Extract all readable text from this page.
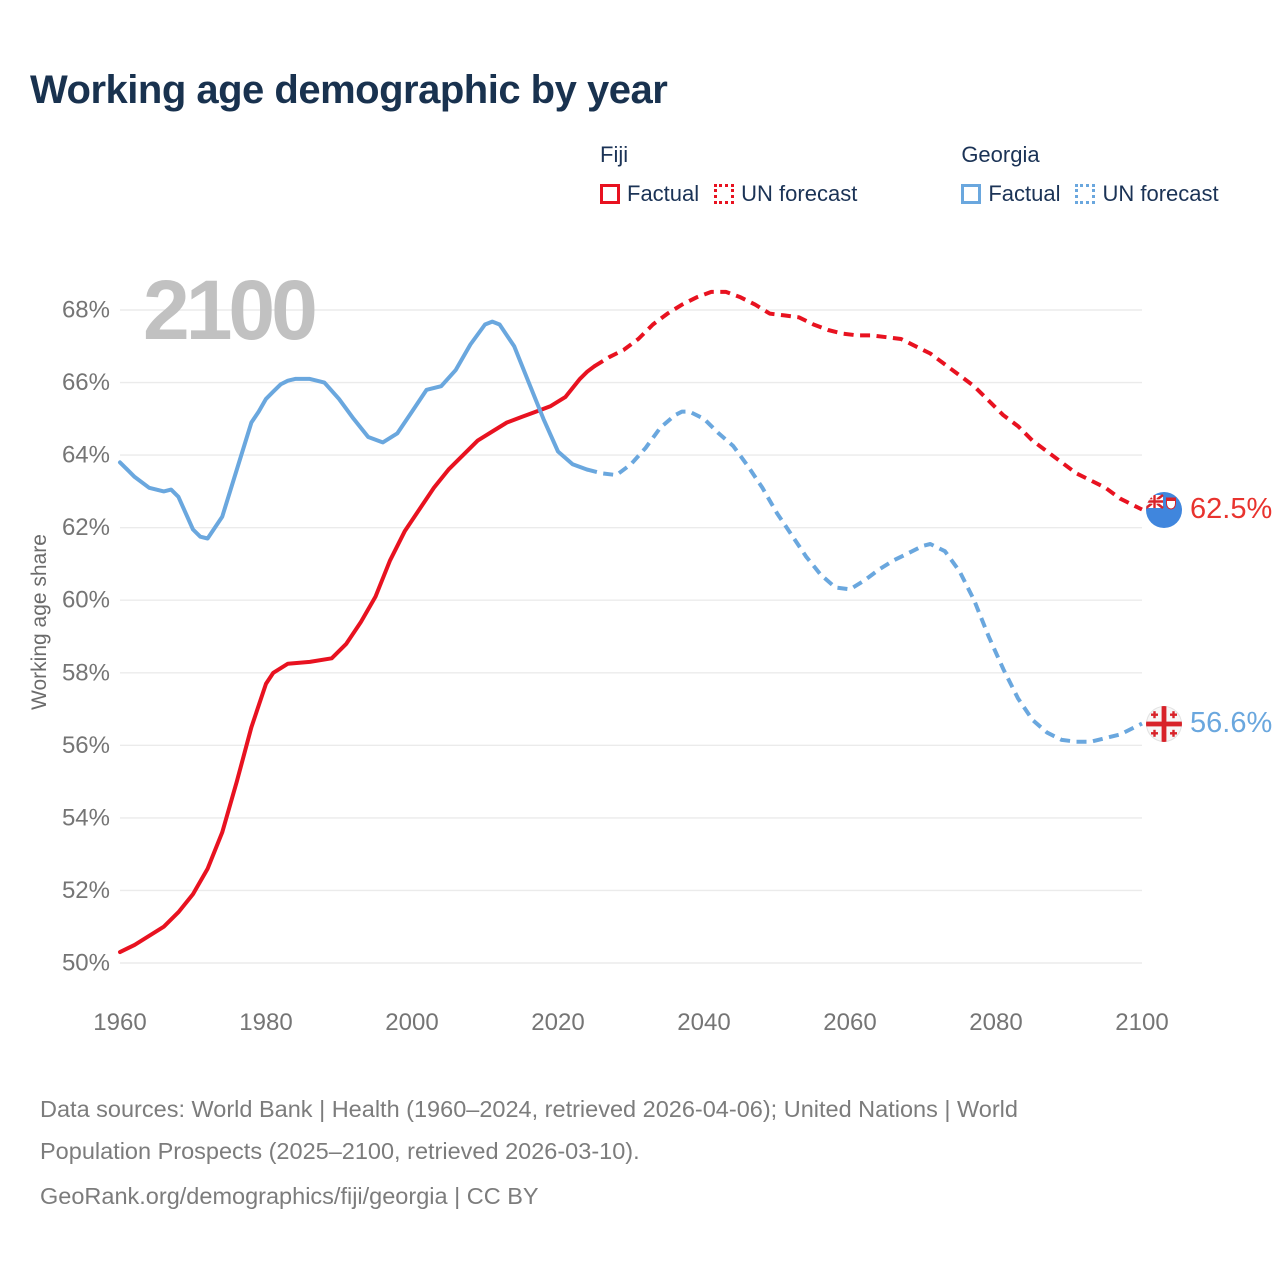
Working age demographic by year
Fiji
Factual UN forecast
Georgia
Factual UN forecast
50%
52%
54%
56%
58%
60%
62%
64%
66%
68%
1960	1980	2000	2020	2040	2060	2080	2100
Working age share
2100
62.5%
56.6%
Data sources: World Bank | Health (1960–2024, retrieved 2026-04-06); United Nations | World
Population Prospects (2025–2100, retrieved 2026-03-10).
GeoRank.org/demographics/fiji/georgia | CC BY
